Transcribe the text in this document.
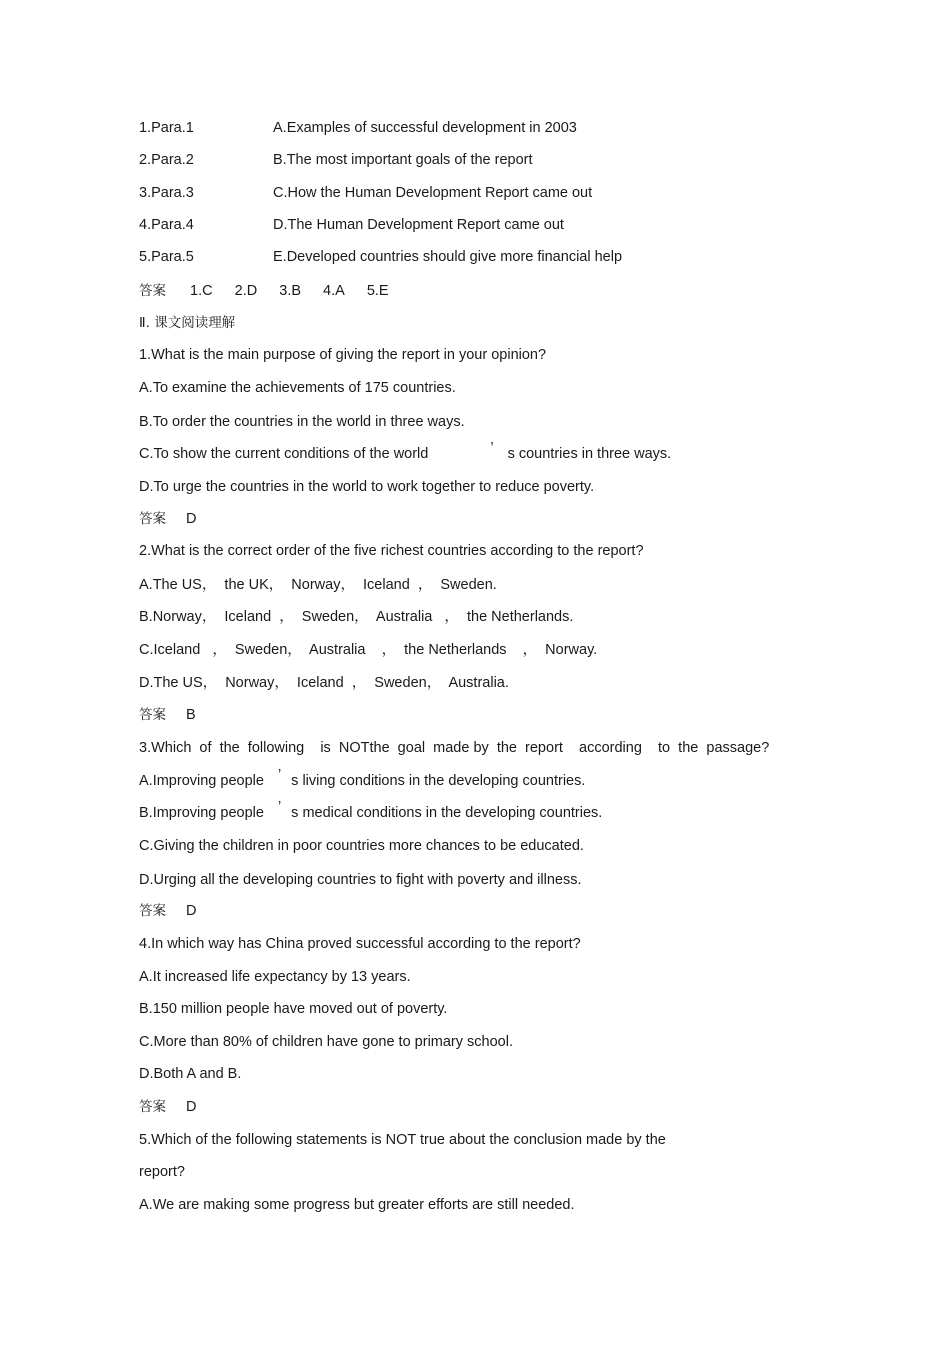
1.Para.1	A.Examples of successful development in 2003
2.Para.2	B.The most important goals of the report
3.Para.3	C.How the Human Development Report came out
4.Para.4	D.The Human Development Report came out
5.Para.5	E.Developed countries should give more financial help
答案 1.C 2.D 3.B 4.A 5.E
Ⅱ. 课文阅读理解
1.What is the main purpose of giving the report in your opinion?
A.To examine the achievements of 175 countries.
B.To order the countries in the world in three ways.
C.To show the current conditions of the world	’ s countries in three ways.
D.To urge the countries in the world to work together to reduce poverty.
答案 D
2.What is the correct order of the five richest countries according to the report?
A.The US，  the UK，  Norway，  Iceland  ，  Sweden.
B.Norway，  Iceland  ，  Sweden，  Australia   ，  the Netherlands.
C.Iceland   ，  Sweden，  Australia    ，  the Netherlands    ，  Norway.
D.The US，  Norway，  Iceland  ，  Sweden，  Australia.
答案 B
3.Which  of  the  following    is  NOTthe  goal  made by  the  report    according    to  the  passage?
A.Improving people ’ s living conditions in the developing countries.
B.Improving people ’ s medical conditions in the developing countries.
C.Giving the children in poor countries more chances to be educated.
D.Urging all the developing countries to fight with poverty and illness.
答案 D
4.In which way has China proved successful according to the report?
A.It increased life expectancy by 13 years.
B.150 million people have moved out of poverty.
C.More than 80% of children have gone to primary school.
D.Both A and B.
答案 D
5.Which of the following statements is NOT true about the conclusion made by the
report?
A.We are making some progress but greater efforts are still needed.
